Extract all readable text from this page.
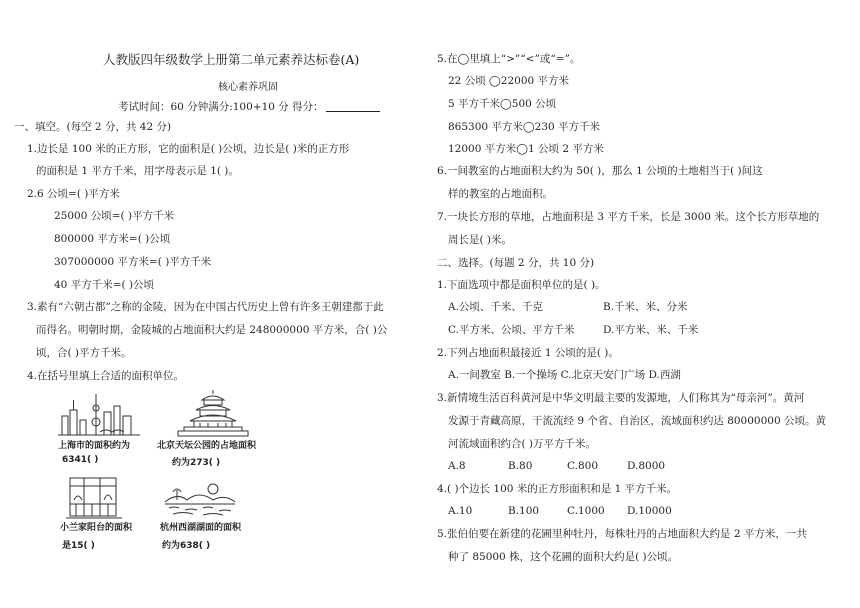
人教版四年级数学上册第二单元素养达标卷(A)
核心素养巩固
考试时间：60 分钟满分:100+10 分 得分：
一、填空。(每空 2 分，共 42 分)
1.边长是 100 米的正方形，它的面积是( )公顷，边长是( )米的正方形
的面积是 1 平方千米，用字母表示是 1( )。
2.6 公顷=( )平方米
25000 公顷=( )平方千米
800000 平方米=( )公顷
307000000 平方米=( )平方千米
40 平方千米=( )公顷
3.素有“六朝古都”之称的金陵，因为在中国古代历史上曾有许多王朝建都于此
而得名。明朝时期，金陵城的占地面积大约是 248000000 平方米，合( )公
顷，合( )平方千米。
4.在括号里填上合适的面积单位。
上海市的面积约为
6341( )
北京天坛公园的占地面积
约为273( )
小兰家阳台的面积
是15( )
杭州西湖湖面的面积
约为638( )
5.在◯里填上“>”“<”或“=”。
22 公顷 ◯22000 平方米
5 平方千米◯500 公顷
865300 平方米◯230 平方千米
12000 平方米◯1 公顷 2 平方米
6.一间教室的占地面积大约为 50( )，那么 1 公顷的土地相当于( )间这
样的教室的占地面积。
7.一块长方形的草地，占地面积是 3 平方千米，长是 3000 米。这个长方形草地的
周长是( )米。
二、选择。(每题 2 分，共 10 分)
1.下面选项中都是面积单位的是( )。
A.公顷、千米、千克	B.千米、米、分米
C.平方米、公顷、平方千米	D.平方米、米、千米
2.下列占地面积最接近 1 公顷的是( )。
A.一间教室 B.一个操场 C.北京天安门广场 D.西湖
3.新情境生活百科黄河是中华文明最主要的发源地，人们称其为“母亲河”。黄河
发源于青藏高原，干流流经 9 个省、自治区，流域面积约达 80000000 公顷。黄
河流域面积约合( )万平方千米。
A.8	B.80	C.800	D.8000
4.( )个边长 100 米的正方形面积和是 1 平方千米。
A.10	B.100	C.1000 D.10000
5.张伯伯要在新建的花圃里种牡丹，每株牡丹的占地面积大约是 2 平方米，一共
种了 85000 株，这个花圃的面积大约是( )公顷。
